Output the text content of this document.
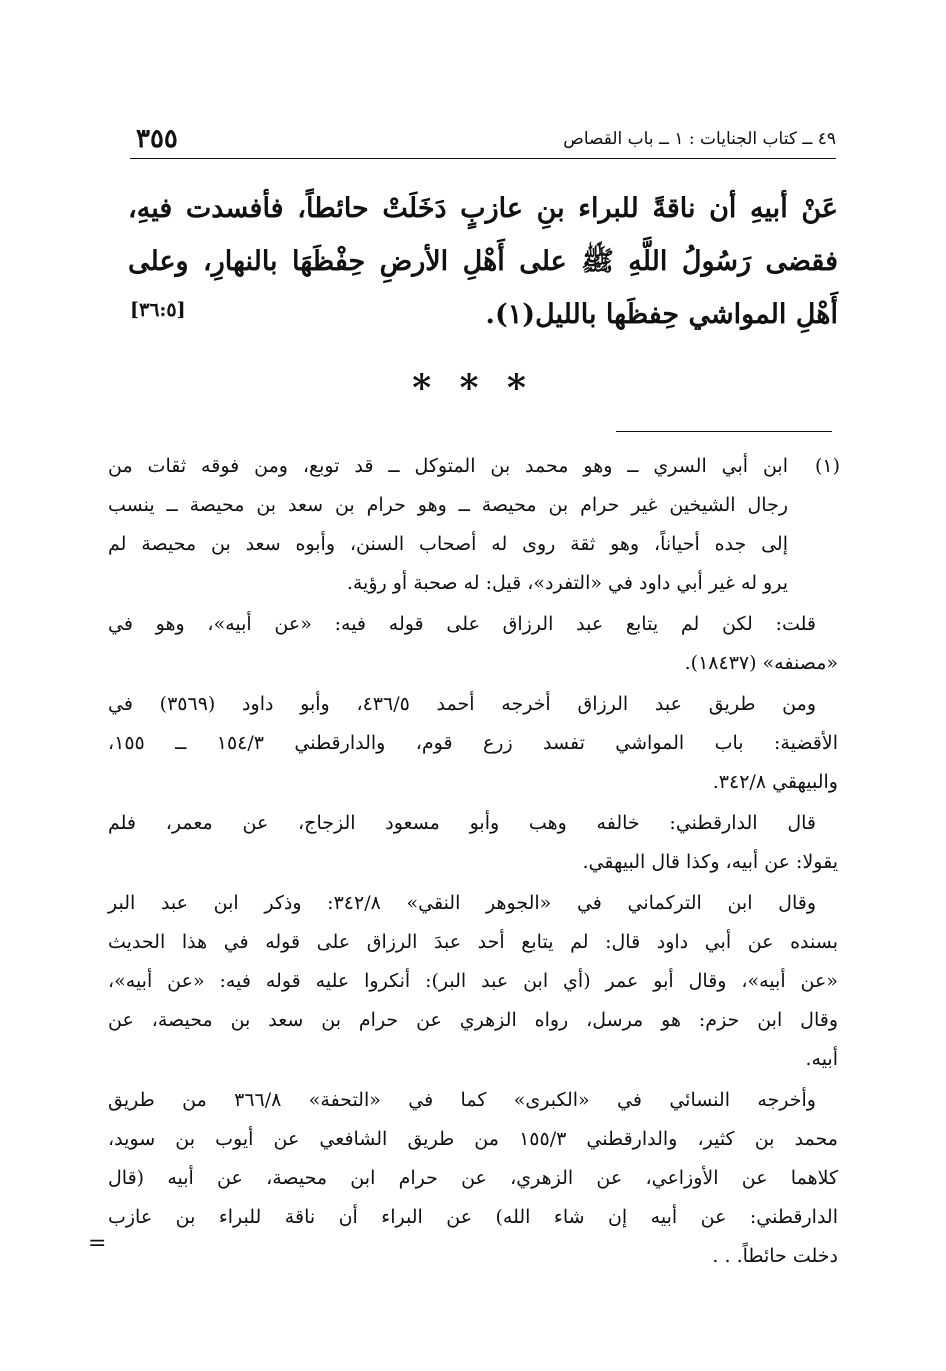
٣٥٥	٤٩ ــ كتاب الجنايات : ١ ــ باب القصاص
عَنْ أبيهِ أن ناقةً للبراء بنِ عازبٍ دَخَلَتْ حائطاً، فأفسدت فيهِ،
فقضى رَسُولُ اللَّهِ ﷺ على أَهْلِ الأرضِ حِفْظَهَا بالنهارِ، وعلى
أَهْلِ المواشي حِفظَها بالليل(١).
[٣٦:٥]
* * *
(١)
ابن أبي السري ــ وهو محمد بن المتوكل ــ قد توبع، ومن فوقه ثقات من
رجال الشيخين غير حرام بن محيصة ــ وهو حرام بن سعد بن محيصة ــ ينسب
إلى جده أحياناً، وهو ثقة روى له أصحاب السنن، وأبوه سعد بن محيصة لم
يرو له غير أبي داود في «التفرد»، قيل: له صحبة أو رؤية.
قلت: لكن لم يتابع عبد الرزاق على قوله فيه: «عن أبيه»، وهو في
«مصنفه» (١٨٤٣٧).
ومن طريق عبد الرزاق أخرجه أحمد ٤٣٦/٥، وأبو داود (٣٥٦٩) في
الأقضية: باب المواشي تفسد زرع قوم، والدارقطني ١٥٤/٣ ــ ١٥٥،
والبيهقي ٣٤٢/٨.
قال الدارقطني: خالفه وهب وأبو مسعود الزجاج، عن معمر، فلم
يقولا: عن أبيه، وكذا قال البيهقي.
وقال ابن التركماني في «الجوهر النقي» ٣٤٢/٨: وذكر ابن عبد البر
بسنده عن أبي داود قال: لم يتابع أحد عبدَ الرزاق على قوله في هذا الحديث
«عن أبيه»، وقال أبو عمر (أي ابن عبد البر): أنكروا عليه قوله فيه: «عن أبيه»،
وقال ابن حزم: هو مرسل، رواه الزهري عن حرام بن سعد بن محيصة، عن
أبيه.
وأخرجه النسائي في «الكبرى» كما في «التحفة» ٣٦٦/٨ من طريق
محمد بن كثير، والدارقطني ١٥٥/٣ من طريق الشافعي عن أيوب بن سويد،
كلاهما عن الأوزاعي، عن الزهري، عن حرام ابن محيصة، عن أبيه (قال
الدارقطني: عن أبيه إن شاء الله) عن البراء أن ناقة للبراء بن عازب
دخلت حائطاً. . .
=
